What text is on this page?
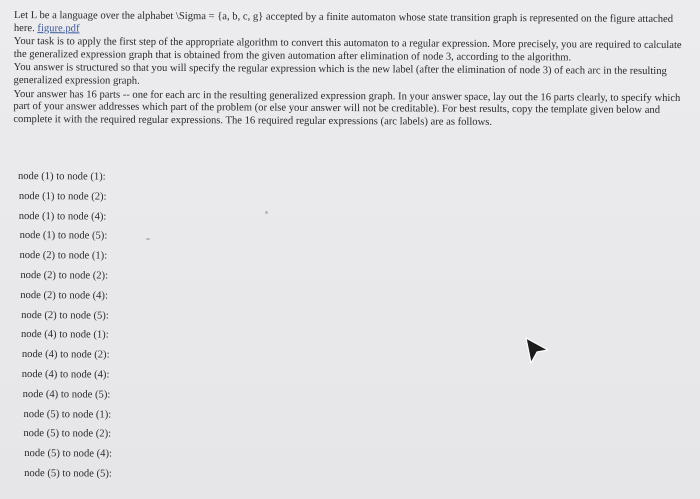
Let L be a language over the alphabet \Sigma = {a, b, c, g} accepted by a finite automaton whose state transition graph is represented on the figure attached here. figure.pdf

Your task is to apply the first step of the appropriate algorithm to convert this automaton to a regular expression. More precisely, you are required to calculate the generalized expression graph that is obtained from the given automation after elimination of node 3, according to the algorithm.

You answer is structured so that you will specify the regular expression which is the new label (after the elimination of node 3) of each arc in the resulting generalized expression graph.

Your answer has 16 parts -- one for each arc in the resulting generalized expression graph. In your answer space, lay out the 16 parts clearly, to specify which part of your answer addresses which part of the problem (or else your answer will not be creditable). For best results, copy the template given below and complete it with the required regular expressions. The 16 required regular expressions (arc labels) are as follows.

node (1) to node (1):
node (1) to node (2):
node (1) to node (4):
node (1) to node (5):
node (2) to node (1):
node (2) to node (2):
node (2) to node (4):
node (2) to node (5):
node (4) to node (1):
node (4) to node (2):
node (4) to node (4):
node (4) to node (5):
node (5) to node (1):
node (5) to node (2):
node (5) to node (4):
node (5) to node (5):
